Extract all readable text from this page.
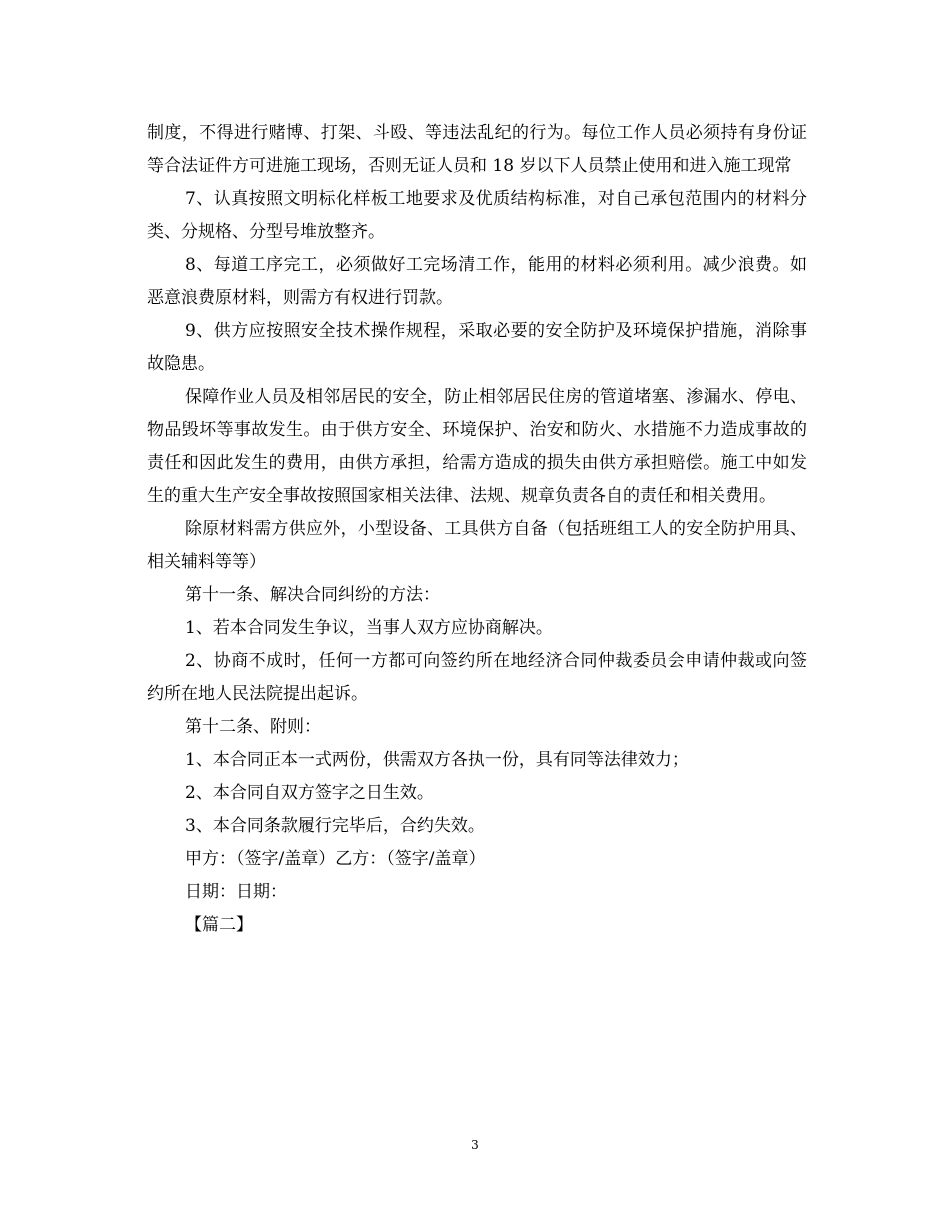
制度，不得进行赌博、打架、斗殴、等违法乱纪的行为。每位工作人员必须持有身份证等合法证件方可进施工现场，否则无证人员和 18 岁以下人员禁止使用和进入施工现常

7、认真按照文明标化样板工地要求及优质结构标准，对自己承包范围内的材料分类、分规格、分型号堆放整齐。

8、每道工序完工，必须做好工完场清工作，能用的材料必须利用。减少浪费。如恶意浪费原材料，则需方有权进行罚款。

9、供方应按照安全技术操作规程，采取必要的安全防护及环境保护措施，消除事故隐患。

保障作业人员及相邻居民的安全，防止相邻居民住房的管道堵塞、渗漏水、停电、物品毁坏等事故发生。由于供方安全、环境保护、治安和防火、水措施不力造成事故的责任和因此发生的费用，由供方承担，给需方造成的损失由供方承担赔偿。施工中如发生的重大生产安全事故按照国家相关法律、法规、规章负责各自的责任和相关费用。

除原材料需方供应外，小型设备、工具供方自备（包括班组工人的安全防护用具、相关辅料等等）

第十一条、解决合同纠纷的方法：

1、若本合同发生争议，当事人双方应协商解决。

2、协商不成时，任何一方都可向签约所在地经济合同仲裁委员会申请仲裁或向签约所在地人民法院提出起诉。

第十二条、附则：

1、本合同正本一式两份，供需双方各执一份，具有同等法律效力；

2、本合同自双方签字之日生效。

3、本合同条款履行完毕后，合约失效。

甲方：（签字/盖章）乙方：（签字/盖章）

日期：日期：

【篇二】

3
